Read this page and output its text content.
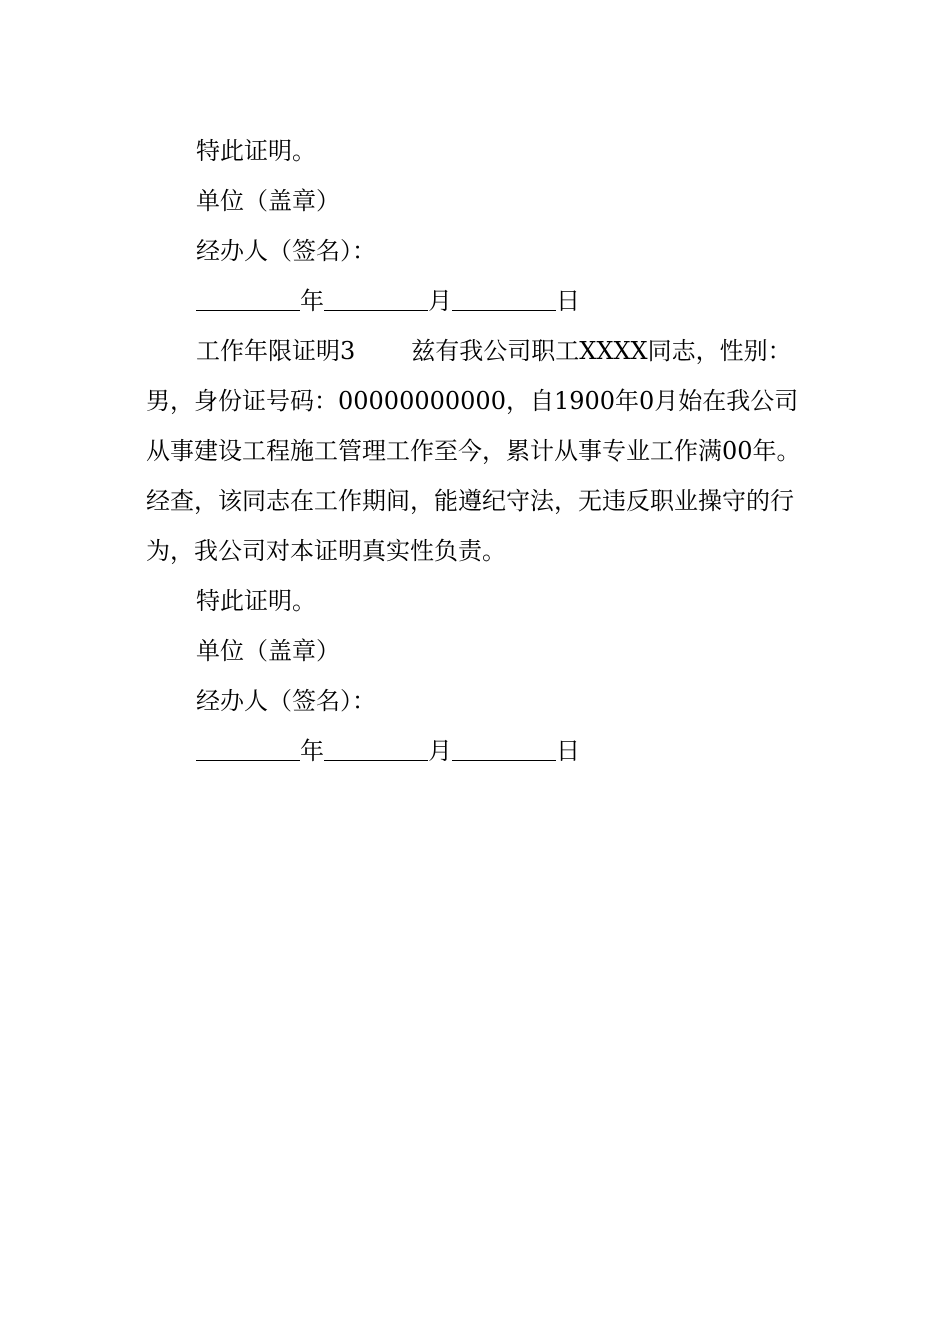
特此证明。
单位（盖章）
经办人（签名）：
年	月	日
工作年限证明3 兹有我公司职工XXXX同志，性别：男，身份证号码：00000000000，自1900年0月始在我公司从事建设工程施工管理工作至今，累计从事专业工作满00年。经查，该同志在工作期间，能遵纪守法，无违反职业操守的行为，我公司对本证明真实性负责。
特此证明。
单位（盖章）
经办人（签名）：
年	月	日
